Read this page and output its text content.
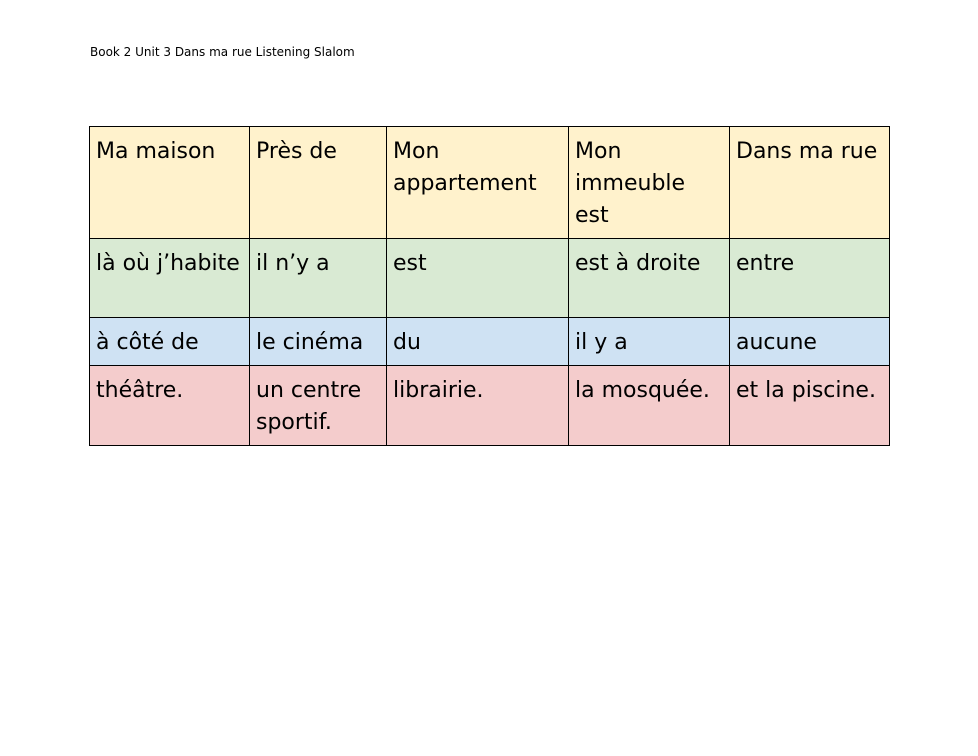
Book 2 Unit 3 Dans ma rue Listening Slalom
Ma maison	Près de	Mon appartement	Mon immeuble est	Dans ma rue
là où j’habite	il n’y a	est	est à droite	entre
à côté de	le cinéma	du	il y a	aucune
théâtre.	un centre sportif.	librairie.	la mosquée.	et la piscine.
